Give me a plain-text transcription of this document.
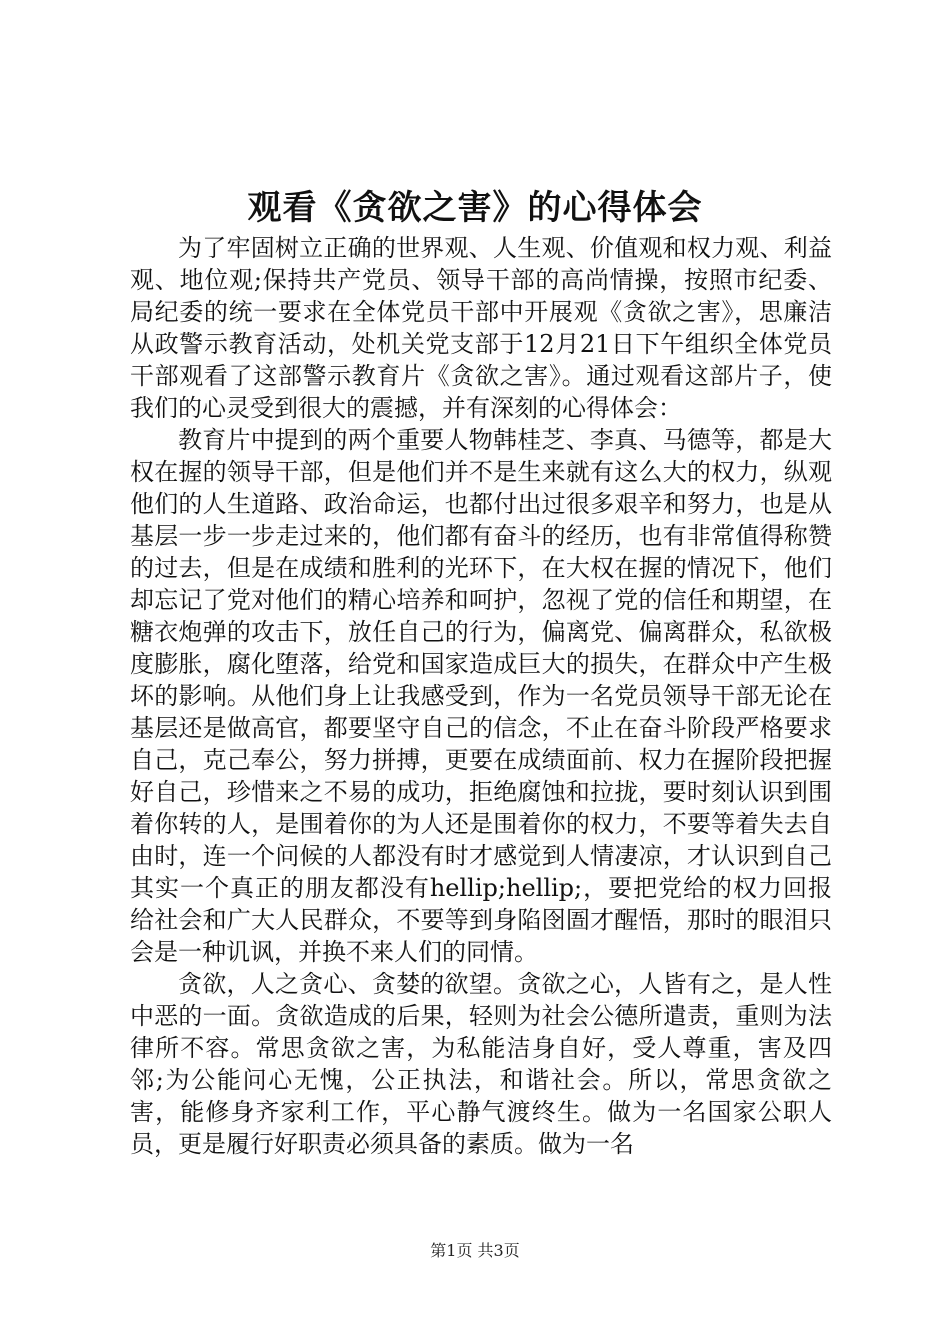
观看《贪欲之害》的心得体会

为了牢固树立正确的世界观、人生观、价值观和权力观、利益观、地位观;保持共产党员、领导干部的高尚情操，按照市纪委、局纪委的统一要求在全体党员干部中开展观《贪欲之害》，思廉洁从政警示教育活动，处机关党支部于12月21日下午组织全体党员干部观看了这部警示教育片《贪欲之害》。通过观看这部片子，使我们的心灵受到很大的震撼，并有深刻的心得体会：

教育片中提到的两个重要人物韩桂芝、李真、马德等，都是大权在握的领导干部，但是他们并不是生来就有这么大的权力，纵观他们的人生道路、政治命运，也都付出过很多艰辛和努力，也是从基层一步一步走过来的，他们都有奋斗的经历，也有非常值得称赞的过去，但是在成绩和胜利的光环下，在大权在握的情况下，他们却忘记了党对他们的精心培养和呵护，忽视了党的信任和期望，在糖衣炮弹的攻击下，放任自己的行为，偏离党、偏离群众，私欲极度膨胀，腐化堕落，给党和国家造成巨大的损失，在群众中产生极坏的影响。从他们身上让我感受到，作为一名党员领导干部无论在基层还是做高官，都要坚守自己的信念，不止在奋斗阶段严格要求自己，克己奉公，努力拼搏，更要在成绩面前、权力在握阶段把握好自己，珍惜来之不易的成功，拒绝腐蚀和拉拢，要时刻认识到围着你转的人，是围着你的为人还是围着你的权力，不要等着失去自由时，连一个问候的人都没有时才感觉到人情凄凉，才认识到自己其实一个真正的朋友都没有hellip;hellip;，要把党给的权力回报给社会和广大人民群众，不要等到身陷囹圄才醒悟，那时的眼泪只会是一种讥讽，并换不来人们的同情。

贪欲，人之贪心、贪婪的欲望。贪欲之心，人皆有之，是人性中恶的一面。贪欲造成的后果，轻则为社会公德所遣责，重则为法律所不容。常思贪欲之害，为私能洁身自好，受人尊重，害及四邻;为公能问心无愧，公正执法，和谐社会。所以，常思贪欲之害，能修身齐家利工作，平心静气渡终生。做为一名国家公职人员，更是履行好职责必须具备的素质。做为一名

第1页 共3页
